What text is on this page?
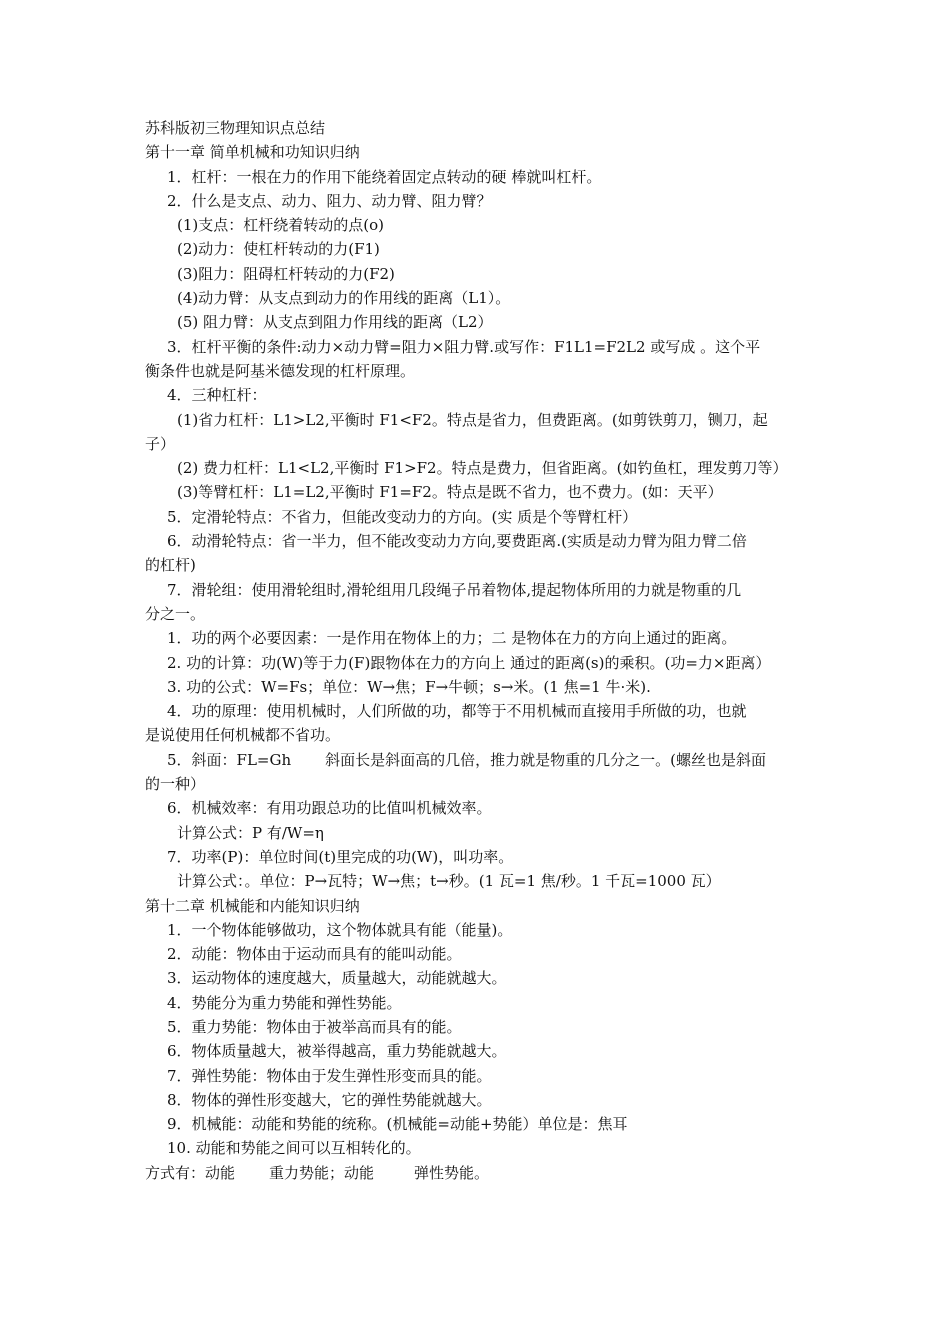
苏科版初三物理知识点总结
第十一章 简单机械和功知识归纳
1．杠杆：一根在力的作用下能绕着固定点转动的硬 棒就叫杠杆。
2．什么是支点、动力、阻力、动力臂、阻力臂？
(1)支点：杠杆绕着转动的点(o)
(2)动力：使杠杆转动的力(F1)
(3)阻力：阻碍杠杆转动的力(F2)
(4)动力臂：从支点到动力的作用线的距离（L1）。
(5) 阻力臂：从支点到阻力作用线的距离（L2）
3．杠杆平衡的条件:动力×动力臂=阻力×阻力臂.或写作：F1L1=F2L2 或写成 。这个平
衡条件也就是阿基米德发现的杠杆原理。
4．三种杠杆：
(1)省力杠杆：L1>L2,平衡时 F1<F2。特点是省力，但费距离。(如剪铁剪刀，铡刀，起
子）
(2) 费力杠杆：L1<L2,平衡时 F1>F2。特点是费力，但省距离。(如钓鱼杠，理发剪刀等）
(3)等臂杠杆：L1=L2,平衡时 F1=F2。特点是既不省力，也不费力。(如：天平）
5．定滑轮特点：不省力，但能改变动力的方向。(实 质是个等臂杠杆）
6．动滑轮特点：省一半力，但不能改变动力方向,要费距离.(实质是动力臂为阻力臂二倍
的杠杆)
7．滑轮组：使用滑轮组时,滑轮组用几段绳子吊着物体,提起物体所用的力就是物重的几
分之一。
1．功的两个必要因素：一是作用在物体上的力；二 是物体在力的方向上通过的距离。
2. 功的计算：功(W)等于力(F)跟物体在力的方向上 通过的距离(s)的乘积。(功=力×距离）
3. 功的公式：W=Fs；单位：W→焦；F→牛顿；s→米。(1 焦=1 牛·米).
4．功的原理：使用机械时，人们所做的功，都等于不用机械而直接用手所做的功，也就
是说使用任何机械都不省功。
5．斜面：FL=Gh 斜面长是斜面高的几倍，推力就是物重的几分之一。(螺丝也是斜面
的一种）
6．机械效率：有用功跟总功的比值叫机械效率。
计算公式：P 有/W=η
7．功率(P)：单位时间(t)里完成的功(W)，叫功率。
计算公式：。单位：P→瓦特；W→焦；t→秒。(1 瓦=1 焦/秒。1 千瓦=1000 瓦）
第十二章 机械能和内能知识归纳
1．一个物体能够做功，这个物体就具有能（能量)。
2．动能：物体由于运动而具有的能叫动能。
3．运动物体的速度越大，质量越大，动能就越大。
4．势能分为重力势能和弹性势能。
5．重力势能：物体由于被举高而具有的能。
6．物体质量越大，被举得越高，重力势能就越大。
7．弹性势能：物体由于发生弹性形变而具的能。
8．物体的弹性形变越大，它的弹性势能就越大。
9．机械能：动能和势能的统称。(机械能=动能+势能）单位是：焦耳
10. 动能和势能之间可以互相转化的。
方式有：动能 重力势能；动能	弹性势能。
